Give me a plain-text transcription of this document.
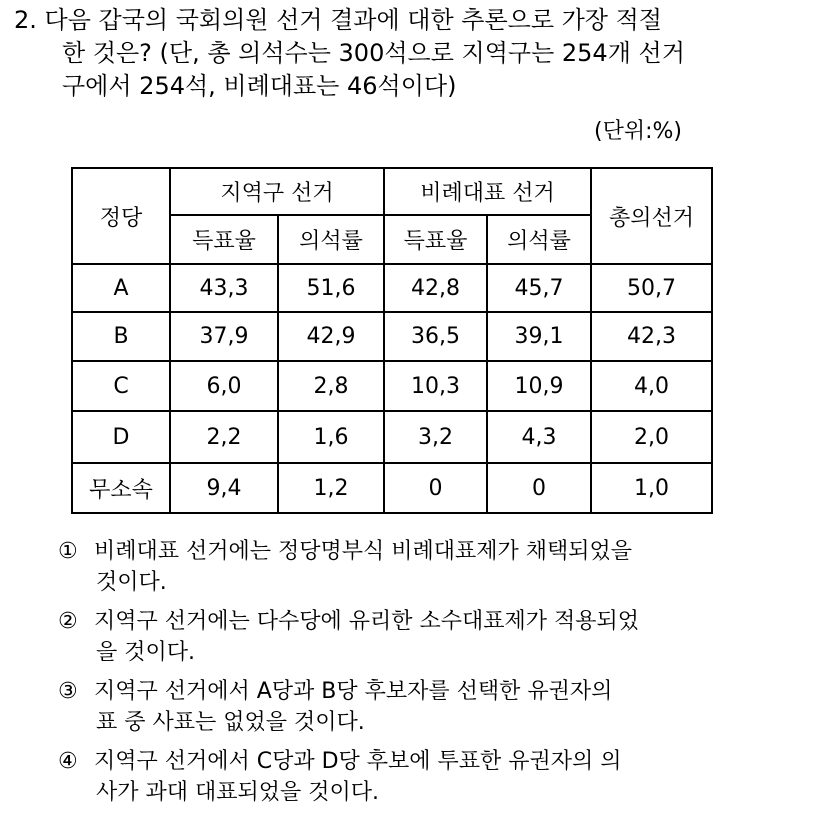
2. 다음 갑국의 국회의원 선거 결과에 대한 추론으로 가장 적절
한 것은? (단, 총 의석수는 300석으로 지역구는 254개 선거
구에서 254석, 비례대표는 46석이다)
(단위:%)
정당	지역구 선거		비례대표 선거		총의선거
	득표율	의석률	득표율	의석률	
A	43,3	51,6	42,8	45,7	50,7
B	37,9	42,9	36,5	39,1	42,3
C	6,0	2,8	10,3	10,9	4,0
D	2,2	1,6	3,2	4,3	2,0
무소속	9,4	1,2	0	0	1,0
① 비례대표 선거에는 정당명부식 비례대표제가 채택되었을
것이다.
② 지역구 선거에는 다수당에 유리한 소수대표제가 적용되었
을 것이다.
③ 지역구 선거에서 A당과 B당 후보자를 선택한 유권자의
표 중 사표는 없었을 것이다.
④ 지역구 선거에서 C당과 D당 후보에 투표한 유권자의 의
사가 과대 대표되었을 것이다.
